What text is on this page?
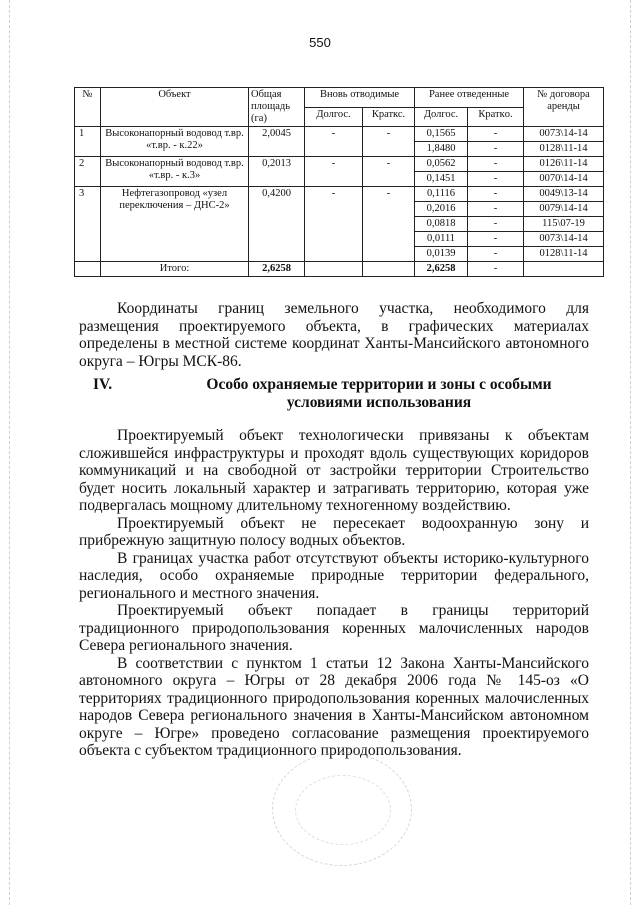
550
№	Объект	Общая площадь (га)	Вновь отводимые		Ранее отведенные		№ договора аренды
			Долгос.	Краткс.	Долгос.	Краткo.	
1	Высоконапорный водовод т.вр. «т.вр. - к.22»	2,0045	-	-	0,1565	-	0073\14-14
					1,8480	-	0128\11-14
2	Высоконапорный водовод т.вр. «т.вр. - к.3»	0,2013	-	-	0,0562	-	0126\11-14
					0,1451	-	0070\14-14
3	Нефтегазопровод «узел переключения – ДНС-2»	0,4200	-	-	0,1116	-	0049\13-14
					0,2016	-	0079\14-14
					0,0818	-	115\07-19
					0,0111	-	0073\14-14
					0,0139	-	0128\11-14
	Итого:	2,6258			2,6258	-	

Координаты границ земельного участка, необходимого для размещения проектируемого объекта, в графических материалах определены в местной системе координат Ханты-Мансийского автономного округа – Югры МСК-86.

IV.	Особо охраняемые территории и зоны с особыми условиями использования

Проектируемый объект технологически привязаны к объектам сложившейся инфраструктуры и проходят вдоль существующих коридоров коммуникаций и на свободной от застройки территории Строительство будет носить локальный характер и затрагивать территорию, которая уже подвергалась мощному длительному техногенному воздействию.

Проектируемый объект не пересекает водоохранную зону и прибрежную защитную полосу водных объектов.

В границах участка работ отсутствуют объекты историко-культурного наследия, особо охраняемые природные территории федерального, регионального и местного значения.

Проектируемый объект попадает в границы территорий традиционного природопользования коренных малочисленных народов Севера регионального значения.

В соответствии с пунктом 1 статьи 12 Закона Ханты-Мансийского автономного округа – Югры от 28 декабря 2006 года № 145-оз «О территориях традиционного природопользования коренных малочисленных народов Севера регионального значения в Ханты-Мансийском автономном округе – Югре» проведено согласование размещения проектируемого объекта с субъектом традиционного природопользования.
